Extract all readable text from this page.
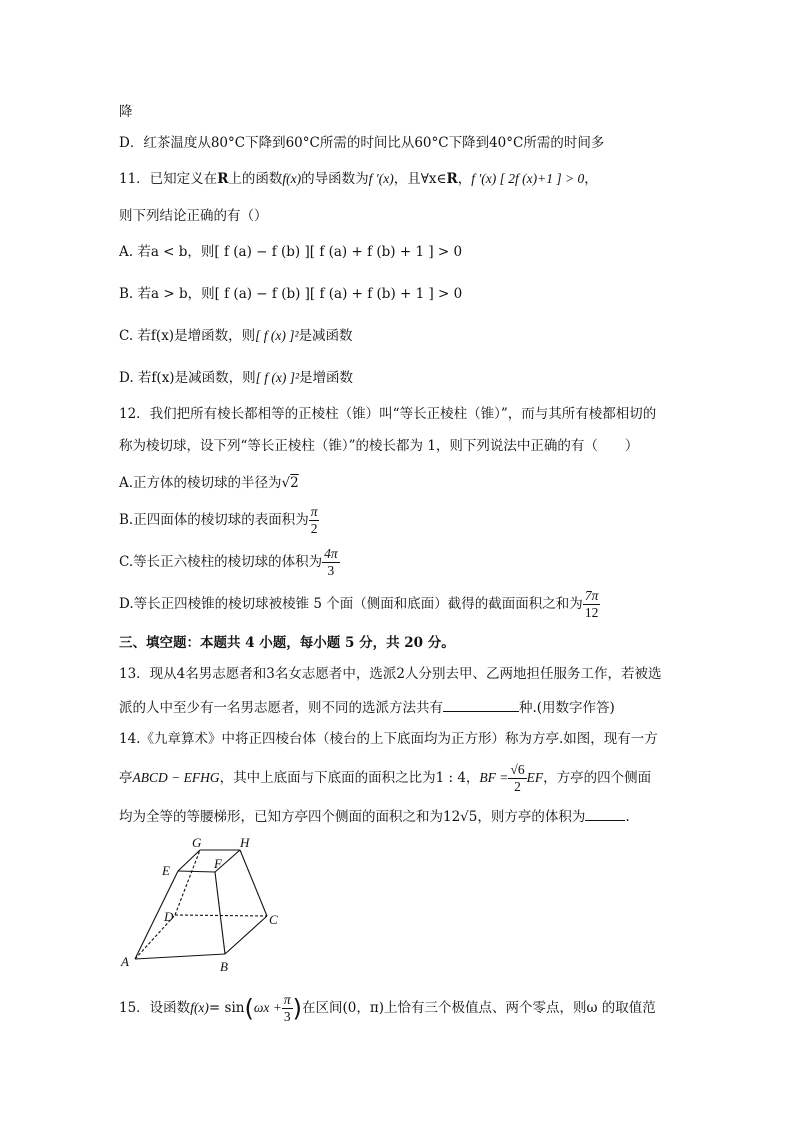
降
D．红茶温度从80°C下降到60°C所需的时间比从60°C下降到40°C所需的时间多
11．已知定义在R上的函数f(x)的导函数为f ′(x)，且∀x∈R，f ′(x) [ 2f (x)+1 ] > 0，
则下列结论正确的有（）
A. 若a < b，则[ f (a) − f (b) ][ f (a) + f (b) + 1 ] > 0
B. 若a > b，则[ f (a) − f (b) ][ f (a) + f (b) + 1 ] > 0
C. 若f(x)是增函数，则[ f (x) ]²是减函数
D. 若f(x)是减函数，则[ f (x) ]²是增函数
12．我们把所有棱长都相等的正棱柱（锥）叫“等长正棱柱（锥）”，而与其所有棱都相切的
称为棱切球，设下列“等长正棱柱（锥）”的棱长都为 1，则下列说法中正确的有（　　）
A.正方体的棱切球的半径为√2
B.正四面体的棱切球的表面积为 $\frac{\pi}{2}$
C.等长正六棱柱的棱切球的体积为 $\frac{4\pi}{3}$
D.等长正四棱锥的棱切球被棱锥 5 个面（侧面和底面）截得的截面面积之和为 $\frac{7\pi}{12}$
三、填空题：本题共 4 小题，每小题 5 分，共 20 分。
13．现从4名男志愿者和3名女志愿者中，选派2人分别去甲、乙两地担任服务工作，若被选
派的人中至少有一名男志愿者，则不同的选派方法共有	种.(用数字作答)
14.《九章算术》中将正四棱台体（棱台的上下底面均为正方形）称为方亭.如图，现有一方
亭ABCD − EFHG，其中上底面与下底面的面积之比为1 : 4，BF = $\frac{√6}{2}$ EF，方亭的四个侧面
均为全等的等腰梯形，已知方亭四个侧面的面积之和为12√5，则方亭的体积为	.
A	B
C
D
E	F
G	H
15．设函数$f(x)= \sin(\omega x + \frac{\pi}{3}$ )在区间(0，π)上恰有三个极值点、两个零点，则ω 的取值范
